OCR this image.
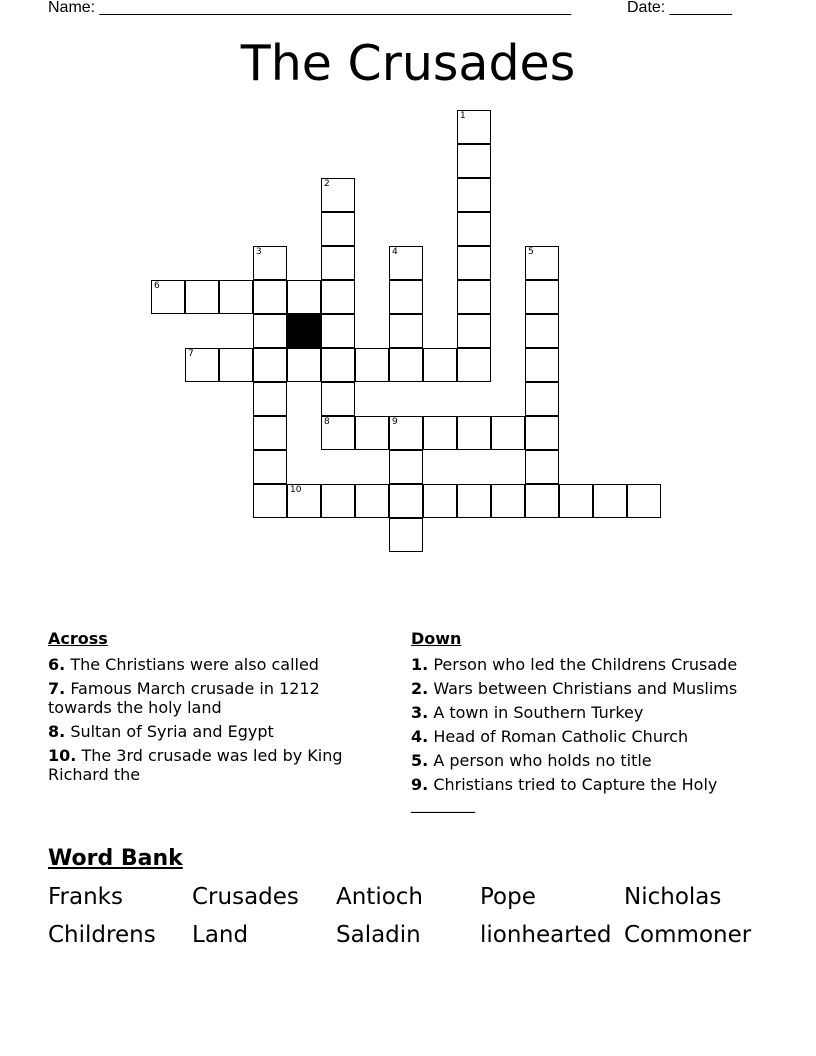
Name: _____________________________________________________	Date: _______
The Crusades
1
2
8
3	4	5
6
7
9
10
Across
6. The Christians were also called
7. Famous March crusade in 1212 towards the holy land
8. Sultan of Syria and Egypt
10. The 3rd crusade was led by King Richard the
Down
1. Person who led the Childrens Crusade
2. Wars between Christians and Muslims
3. A town in Southern Turkey
4. Head of Roman Catholic Church
5. A person who holds no title
9. Christians tried to Capture the Holy ________
Word Bank
Franks	Crusades Antioch Pope	Nicholas
Childrens Land	Saladin	lionhearted Commoner
